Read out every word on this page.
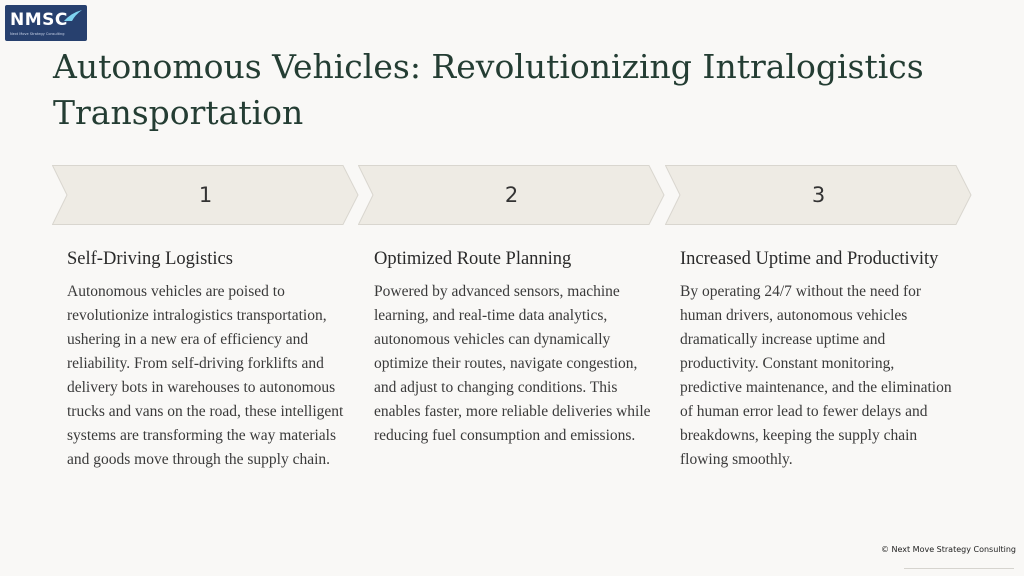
NMSC
Next Move Strategy Consulting
Autonomous Vehicles: Revolutionizing Intralogistics Transportation
1	2	3
Self-Driving Logistics

Autonomous vehicles are poised to revolutionize intralogistics transportation, ushering in a new era of efficiency and reliability. From self-driving forklifts and delivery bots in warehouses to autonomous trucks and vans on the road, these intelligent systems are transforming the way materials and goods move through the supply chain.

Optimized Route Planning

Powered by advanced sensors, machine learning, and real-time data analytics, autonomous vehicles can dynamically optimize their routes, navigate congestion, and adjust to changing conditions. This enables faster, more reliable deliveries while reducing fuel consumption and emissions.

Increased Uptime and Productivity

By operating 24/7 without the need for human drivers, autonomous vehicles dramatically increase uptime and productivity. Constant monitoring, predictive maintenance, and the elimination of human error lead to fewer delays and breakdowns, keeping the supply chain flowing smoothly.

© Next Move Strategy Consulting
